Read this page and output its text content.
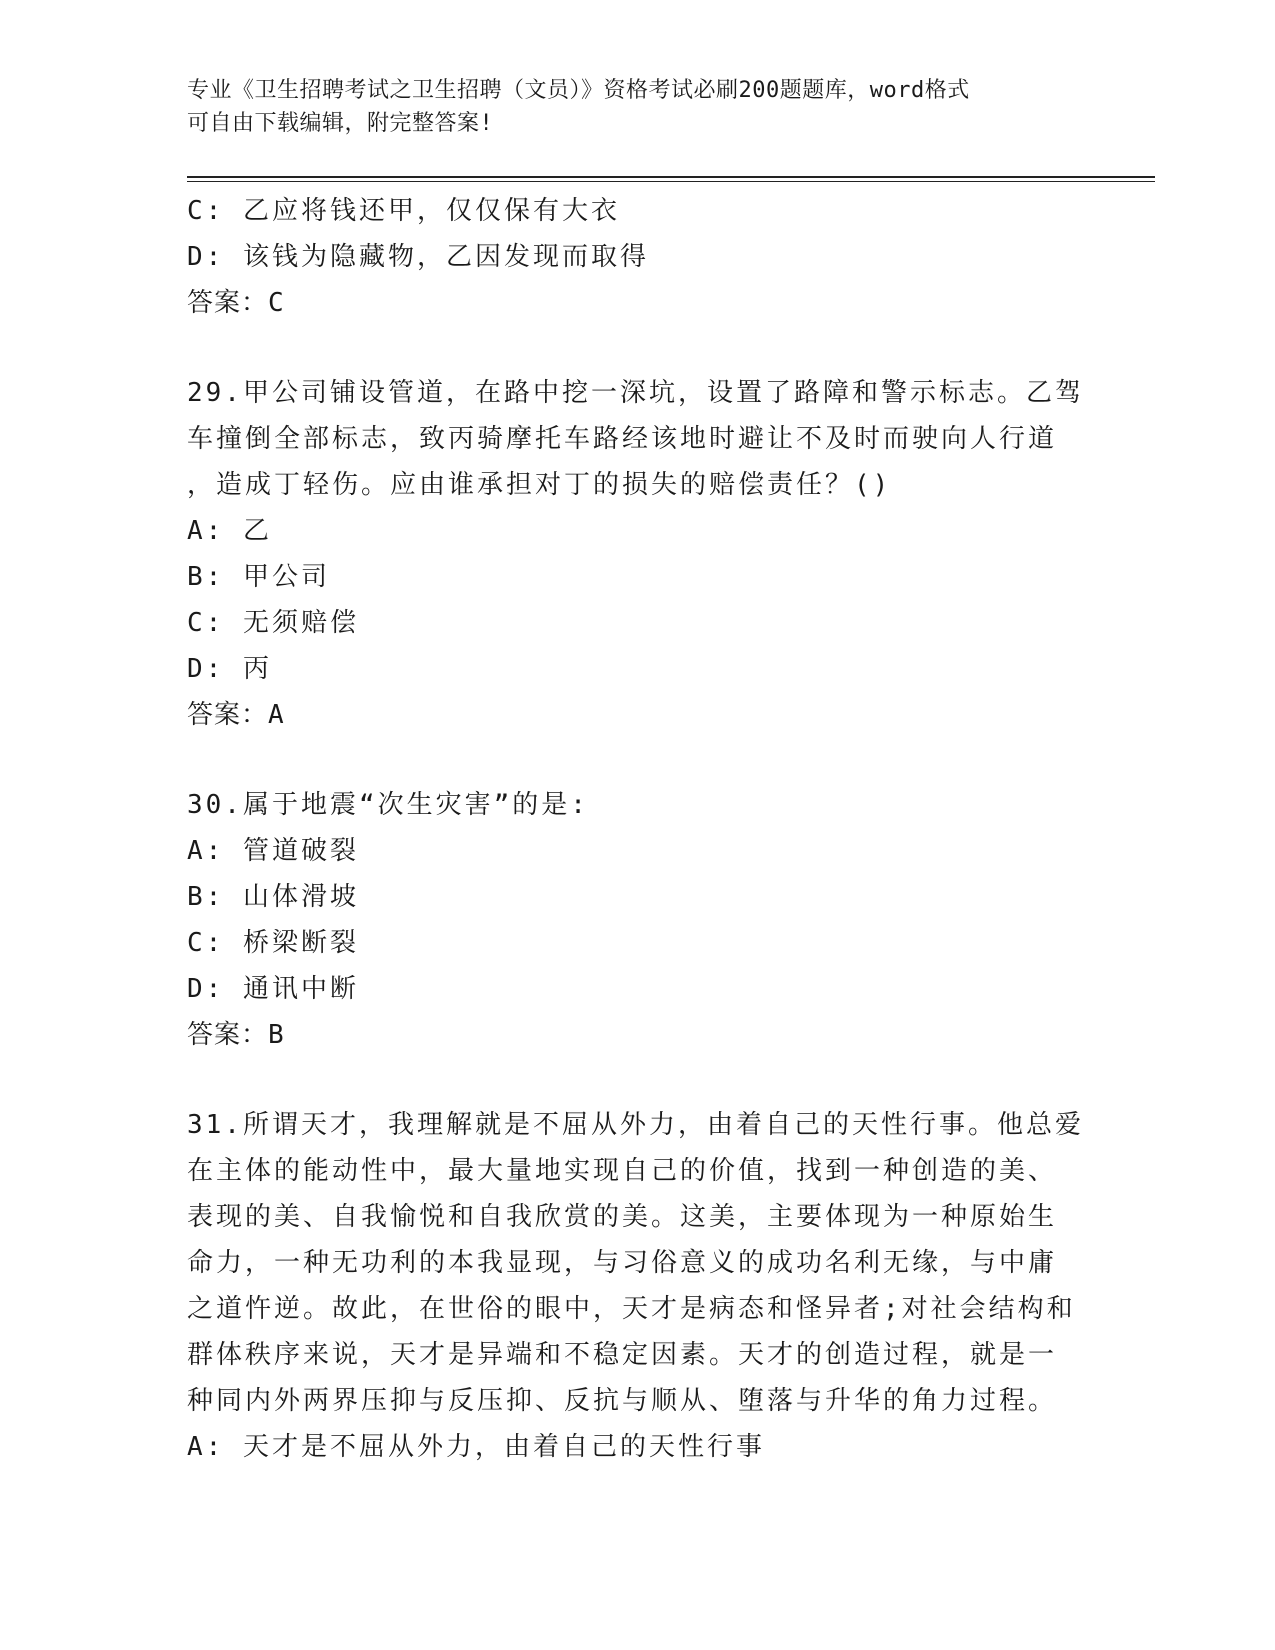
专业《卫生招聘考试之卫生招聘（文员）》资格考试必刷200题题库，word格式
可自由下载编辑，附完整答案!
C: 乙应将钱还甲，仅仅保有大衣
D: 该钱为隐藏物，乙因发现而取得
答案：C
29.甲公司铺设管道，在路中挖一深坑，设置了路障和警示标志。乙驾
车撞倒全部标志，致丙骑摩托车路经该地时避让不及时而驶向人行道
，造成丁轻伤。应由谁承担对丁的损失的赔偿责任？()
A: 乙
B: 甲公司
C: 无须赔偿
D: 丙
答案：A
30.属于地震“次生灾害”的是:
A: 管道破裂
B: 山体滑坡
C: 桥梁断裂
D: 通讯中断
答案：B
31.所谓天才，我理解就是不屈从外力，由着自己的天性行事。他总爱
在主体的能动性中，最大量地实现自己的价值，找到一种创造的美、
表现的美、自我愉悦和自我欣赏的美。这美，主要体现为一种原始生
命力，一种无功利的本我显现，与习俗意义的成功名利无缘，与中庸
之道忤逆。故此，在世俗的眼中，天才是病态和怪异者;对社会结构和
群体秩序来说，天才是异端和不稳定因素。天才的创造过程，就是一
种同内外两界压抑与反压抑、反抗与顺从、堕落与升华的角力过程。
A: 天才是不屈从外力，由着自己的天性行事
